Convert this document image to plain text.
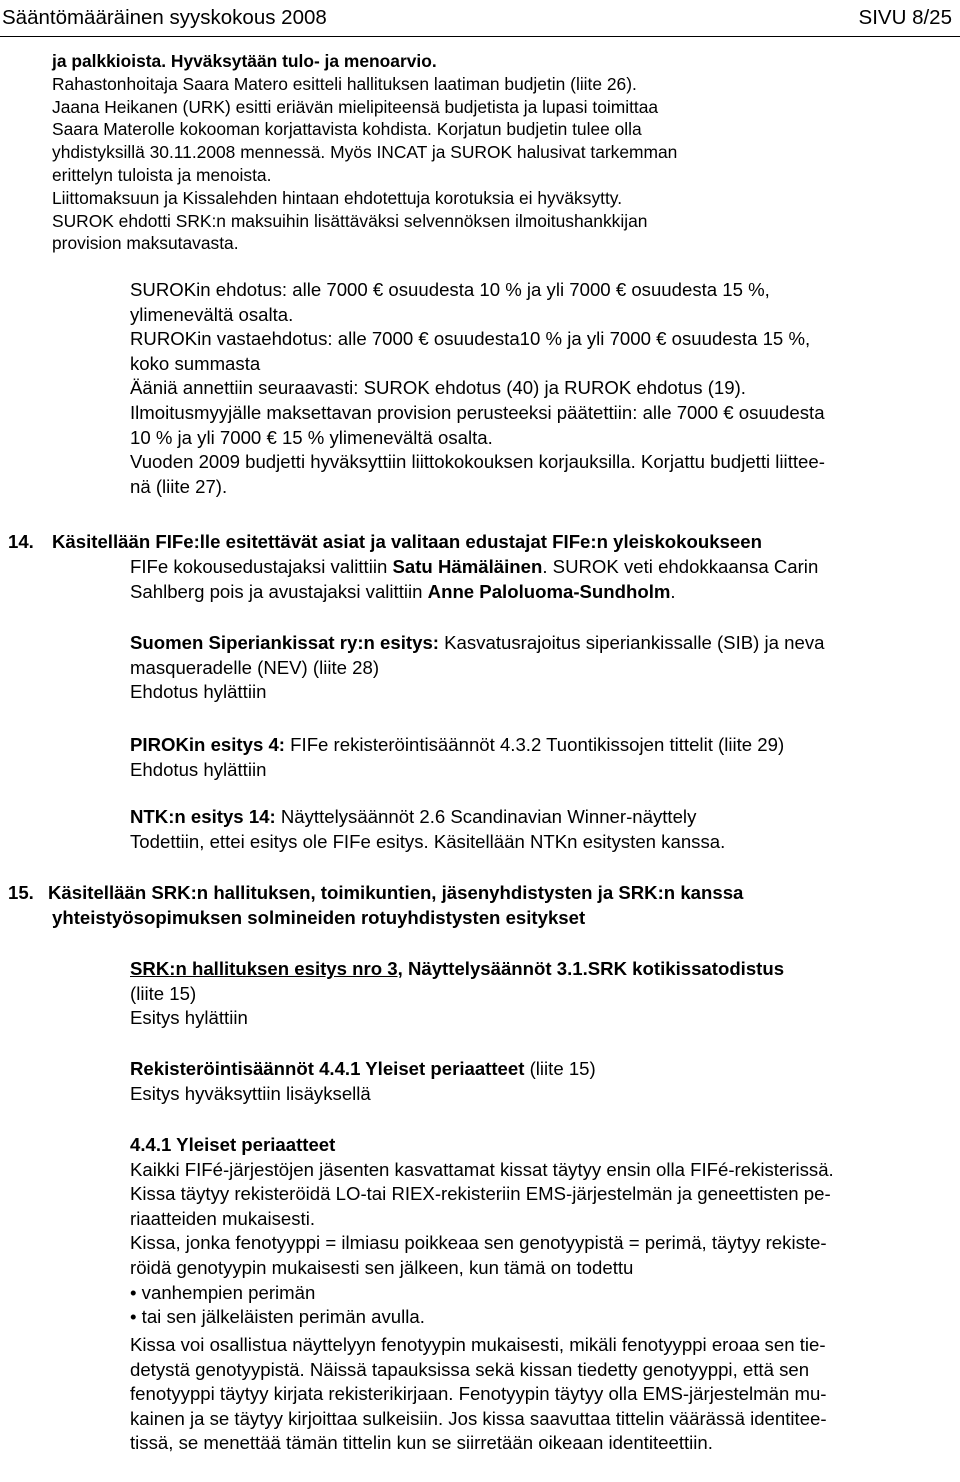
Sääntömääräinen syyskokous 2008	SIVU 8/25
ja palkkioista. Hyväksytään tulo- ja menoarvio.
Rahastonhoitaja Saara Matero esitteli hallituksen laatiman budjetin (liite 26).
Jaana Heikanen (URK) esitti eriävän mielipiteensä budjetista ja lupasi toimittaa
Saara Materolle kokooman korjattavista kohdista. Korjatun budjetin tulee olla
yhdistyksillä 30.11.2008 mennessä. Myös INCAT ja SUROK halusivat tarkemman
erittelyn tuloista ja menoista.
Liittomaksuun ja Kissalehden hintaan ehdotettuja korotuksia ei hyväksytty.
SUROK ehdotti SRK:n maksuihin lisättäväksi selvennöksen ilmoitushankkijan
provision maksutavasta.
SUROKin ehdotus: alle 7000 € osuudesta 10 % ja yli 7000 € osuudesta 15 %,
ylimenevältä osalta.
RUROKin vastaehdotus: alle 7000 € osuudesta10 % ja yli 7000 € osuudesta 15 %,
koko summasta
Ääniä annettiin seuraavasti: SUROK ehdotus (40) ja RUROK ehdotus (19).
Ilmoitusmyyjälle maksettavan provision perusteeksi päätettiin: alle 7000 € osuudesta
10 % ja yli 7000 € 15 % ylimenevältä osalta.
Vuoden 2009 budjetti hyväksyttiin liittokokouksen korjauksilla. Korjattu budjetti liittee-
nä (liite 27).
14. Käsitellään FIFe:lle esitettävät asiat ja valitaan edustajat FIFe:n yleiskokoukseen
FIFe kokousedustajaksi valittiin Satu Hämäläinen. SUROK veti ehdokkaansa Carin
Sahlberg pois ja avustajaksi valittiin Anne Paloluoma-Sundholm.
Suomen Siperiankissat ry:n esitys: Kasvatusrajoitus siperiankissalle (SIB) ja neva
masqueradelle (NEV) (liite 28)
Ehdotus hylättiin
PIROKin esitys 4: FIFe rekisteröintisäännöt 4.3.2 Tuontikissojen tittelit (liite 29)
Ehdotus hylättiin
NTK:n esitys 14: Näyttelysäännöt 2.6 Scandinavian Winner-näyttely
Todettiin, ettei esitys ole FIFe esitys. Käsitellään NTKn esitysten kanssa.
15. Käsitellään SRK:n hallituksen, toimikuntien, jäsenyhdistysten ja SRK:n kanssa
yhteistyösopimuksen solmineiden rotuyhdistysten esitykset
SRK:n hallituksen esitys nro 3, Näyttelysäännöt 3.1.SRK kotikissatodistus
(liite 15)
Esitys hylättiin
Rekisteröintisäännöt 4.4.1 Yleiset periaatteet (liite 15)
Esitys hyväksyttiin lisäyksellä
4.4.1 Yleiset periaatteet
Kaikki FIFé-järjestöjen jäsenten kasvattamat kissat täytyy ensin olla FIFé-rekisterissä.
Kissa täytyy rekisteröidä LO-tai RIEX-rekisteriin EMS-järjestelmän ja geneettisten pe-
riaatteiden mukaisesti.
Kissa, jonka fenotyyppi = ilmiasu poikkeaa sen genotyypistä = perimä, täytyy rekiste-
röidä genotyypin mukaisesti sen jälkeen, kun tämä on todettu
• vanhempien perimän
• tai sen jälkeläisten perimän avulla.
Kissa voi osallistua näyttelyyn fenotyypin mukaisesti, mikäli fenotyyppi eroaa sen tie-
detystä genotyypistä. Näissä tapauksissa sekä kissan tiedetty genotyyppi, että sen
fenotyyppi täytyy kirjata rekisterikirjaan. Fenotyypin täytyy olla EMS-järjestelmän mu-
kainen ja se täytyy kirjoittaa sulkeisiin. Jos kissa saavuttaa tittelin väärässä identitee-
tissä, se menettää tämän tittelin kun se siirretään oikeaan identiteettiin.
